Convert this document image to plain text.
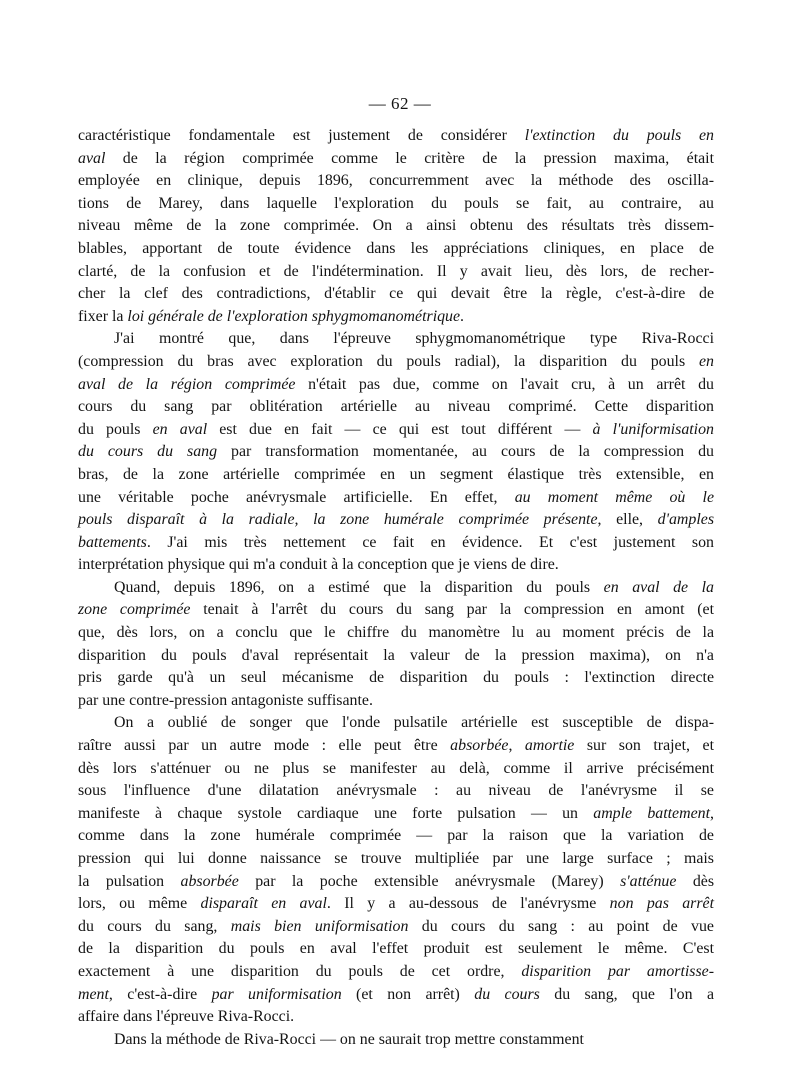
— 62 —
caractéristique fondamentale est justement de considérer l'extinction du pouls en
aval de la région comprimée comme le critère de la pression maxima, était
employée en clinique, depuis 1896, concurremment avec la méthode des oscilla-
tions de Marey, dans laquelle l'exploration du pouls se fait, au contraire, au
niveau même de la zone comprimée. On a ainsi obtenu des résultats très dissem-
blables, apportant de toute évidence dans les appréciations cliniques, en place de
clarté, de la confusion et de l'indétermination. Il y avait lieu, dès lors, de recher-
cher la clef des contradictions, d'établir ce qui devait être la règle, c'est-à-dire de
fixer la loi générale de l'exploration sphygmomanométrique.
J'ai montré que, dans l'épreuve sphygmomanométrique type Riva-Rocci
(compression du bras avec exploration du pouls radial), la disparition du pouls en
aval de la région comprimée n'était pas due, comme on l'avait cru, à un arrêt du
cours du sang par oblitération artérielle au niveau comprimé. Cette disparition
du pouls en aval est due en fait — ce qui est tout différent — à l'uniformisation
du cours du sang par transformation momentanée, au cours de la compression du
bras, de la zone artérielle comprimée en un segment élastique très extensible, en
une véritable poche anévrysmale artificielle. En effet, au moment même où le
pouls disparaît à la radiale, la zone humérale comprimée présente, elle, d'amples
battements. J'ai mis très nettement ce fait en évidence. Et c'est justement son
interprétation physique qui m'a conduit à la conception que je viens de dire.
Quand, depuis 1896, on a estimé que la disparition du pouls en aval de la
zone comprimée tenait à l'arrêt du cours du sang par la compression en amont (et
que, dès lors, on a conclu que le chiffre du manomètre lu au moment précis de la
disparition du pouls d'aval représentait la valeur de la pression maxima), on n'a
pris garde qu'à un seul mécanisme de disparition du pouls : l'extinction directe
par une contre-pression antagoniste suffisante.
On a oublié de songer que l'onde pulsatile artérielle est susceptible de dispa-
raître aussi par un autre mode : elle peut être absorbée, amortie sur son trajet, et
dès lors s'atténuer ou ne plus se manifester au delà, comme il arrive précisément
sous l'influence d'une dilatation anévrysmale : au niveau de l'anévrysme il se
manifeste à chaque systole cardiaque une forte pulsation — un ample battement,
comme dans la zone humérale comprimée — par la raison que la variation de
pression qui lui donne naissance se trouve multipliée par une large surface ; mais
la pulsation absorbée par la poche extensible anévrysmale (Marey) s'atténue dès
lors, ou même disparaît en aval. Il y a au-dessous de l'anévrysme non pas arrêt
du cours du sang, mais bien uniformisation du cours du sang : au point de vue
de la disparition du pouls en aval l'effet produit est seulement le même. C'est
exactement à une disparition du pouls de cet ordre, disparition par amortisse-
ment, c'est-à-dire par uniformisation (et non arrêt) du cours du sang, que l'on a
affaire dans l'épreuve Riva-Rocci.
Dans la méthode de Riva-Rocci — on ne saurait trop mettre constamment
